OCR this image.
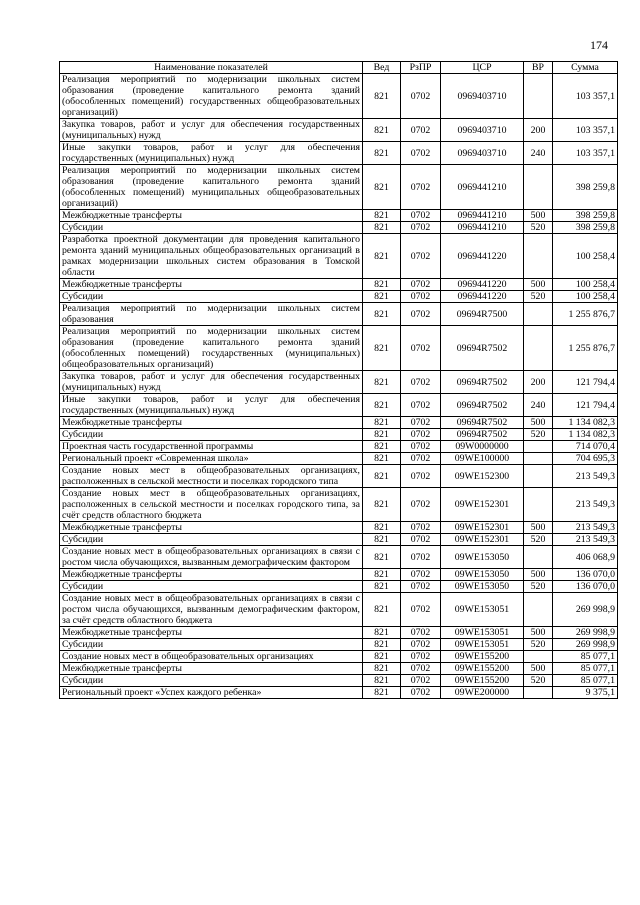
174
Наименование показателей	Вед	РзПР	ЦСР	ВР	Сумма
Реализация мероприятий по модернизации школьных систем образования (проведение капитального ремонта зданий (обособленных помещений) государственных общеобразовательных организаций)	821	0702	0969403710		103 357,1
Закупка товаров, работ и услуг для обеспечения государственных (муниципальных) нужд	821	0702	0969403710	200	103 357,1
Иные закупки товаров, работ и услуг для обеспечения государственных (муниципальных) нужд	821	0702	0969403710	240	103 357,1
Реализация мероприятий по модернизации школьных систем образования (проведение капитального ремонта зданий (обособленных помещений) муниципальных общеобразовательных организаций)	821	0702	0969441210		398 259,8
Межбюджетные трансферты	821	0702	0969441210	500	398 259,8
Субсидии	821	0702	0969441210	520	398 259,8
Разработка проектной документации для проведения капитального ремонта зданий муниципальных общеобразовательных организаций в рамках модернизации школьных систем образования в Томской области	821	0702	0969441220		100 258,4
Межбюджетные трансферты	821	0702	0969441220	500	100 258,4
Субсидии	821	0702	0969441220	520	100 258,4
Реализация мероприятий по модернизации школьных систем образования	821	0702	09694R7500		1 255 876,7
Реализация мероприятий по модернизации школьных систем образования (проведение капитального ремонта зданий (обособленных помещений) государственных (муниципальных) общеобразовательных организаций)	821	0702	09694R7502		1 255 876,7
Закупка товаров, работ и услуг для обеспечения государственных (муниципальных) нужд	821	0702	09694R7502	200	121 794,4
Иные закупки товаров, работ и услуг для обеспечения государственных (муниципальных) нужд	821	0702	09694R7502	240	121 794,4
Межбюджетные трансферты	821	0702	09694R7502	500	1 134 082,3
Субсидии	821	0702	09694R7502	520	1 134 082,3
Проектная часть государственной программы	821	0702	09W0000000		714 070,4
Региональный проект «Современная школа»	821	0702	09WE100000		704 695,3
Создание новых мест в общеобразовательных организациях, расположенных в сельской местности и поселках городского типа	821	0702	09WE152300		213 549,3
Создание новых мест в общеобразовательных организациях, расположенных в сельской местности и поселках городского типа, за счёт средств областного бюджета	821	0702	09WE152301		213 549,3
Межбюджетные трансферты	821	0702	09WE152301	500	213 549,3
Субсидии	821	0702	09WE152301	520	213 549,3
Создание новых мест в общеобразовательных организациях в связи с ростом числа обучающихся, вызванным демографическим фактором	821	0702	09WE153050		406 068,9
Межбюджетные трансферты	821	0702	09WE153050	500	136 070,0
Субсидии	821	0702	09WE153050	520	136 070,0
Создание новых мест в общеобразовательных организациях в связи с ростом числа обучающихся, вызванным демографическим фактором, за счёт средств областного бюджета	821	0702	09WE153051		269 998,9
Межбюджетные трансферты	821	0702	09WE153051	500	269 998,9
Субсидии	821	0702	09WE153051	520	269 998,9
Создание новых мест в общеобразовательных организациях	821	0702	09WE155200		85 077,1
Межбюджетные трансферты	821	0702	09WE155200	500	85 077,1
Субсидии	821	0702	09WE155200	520	85 077,1
Региональный проект «Успех каждого ребенка»	821	0702	09WE200000		9 375,1
